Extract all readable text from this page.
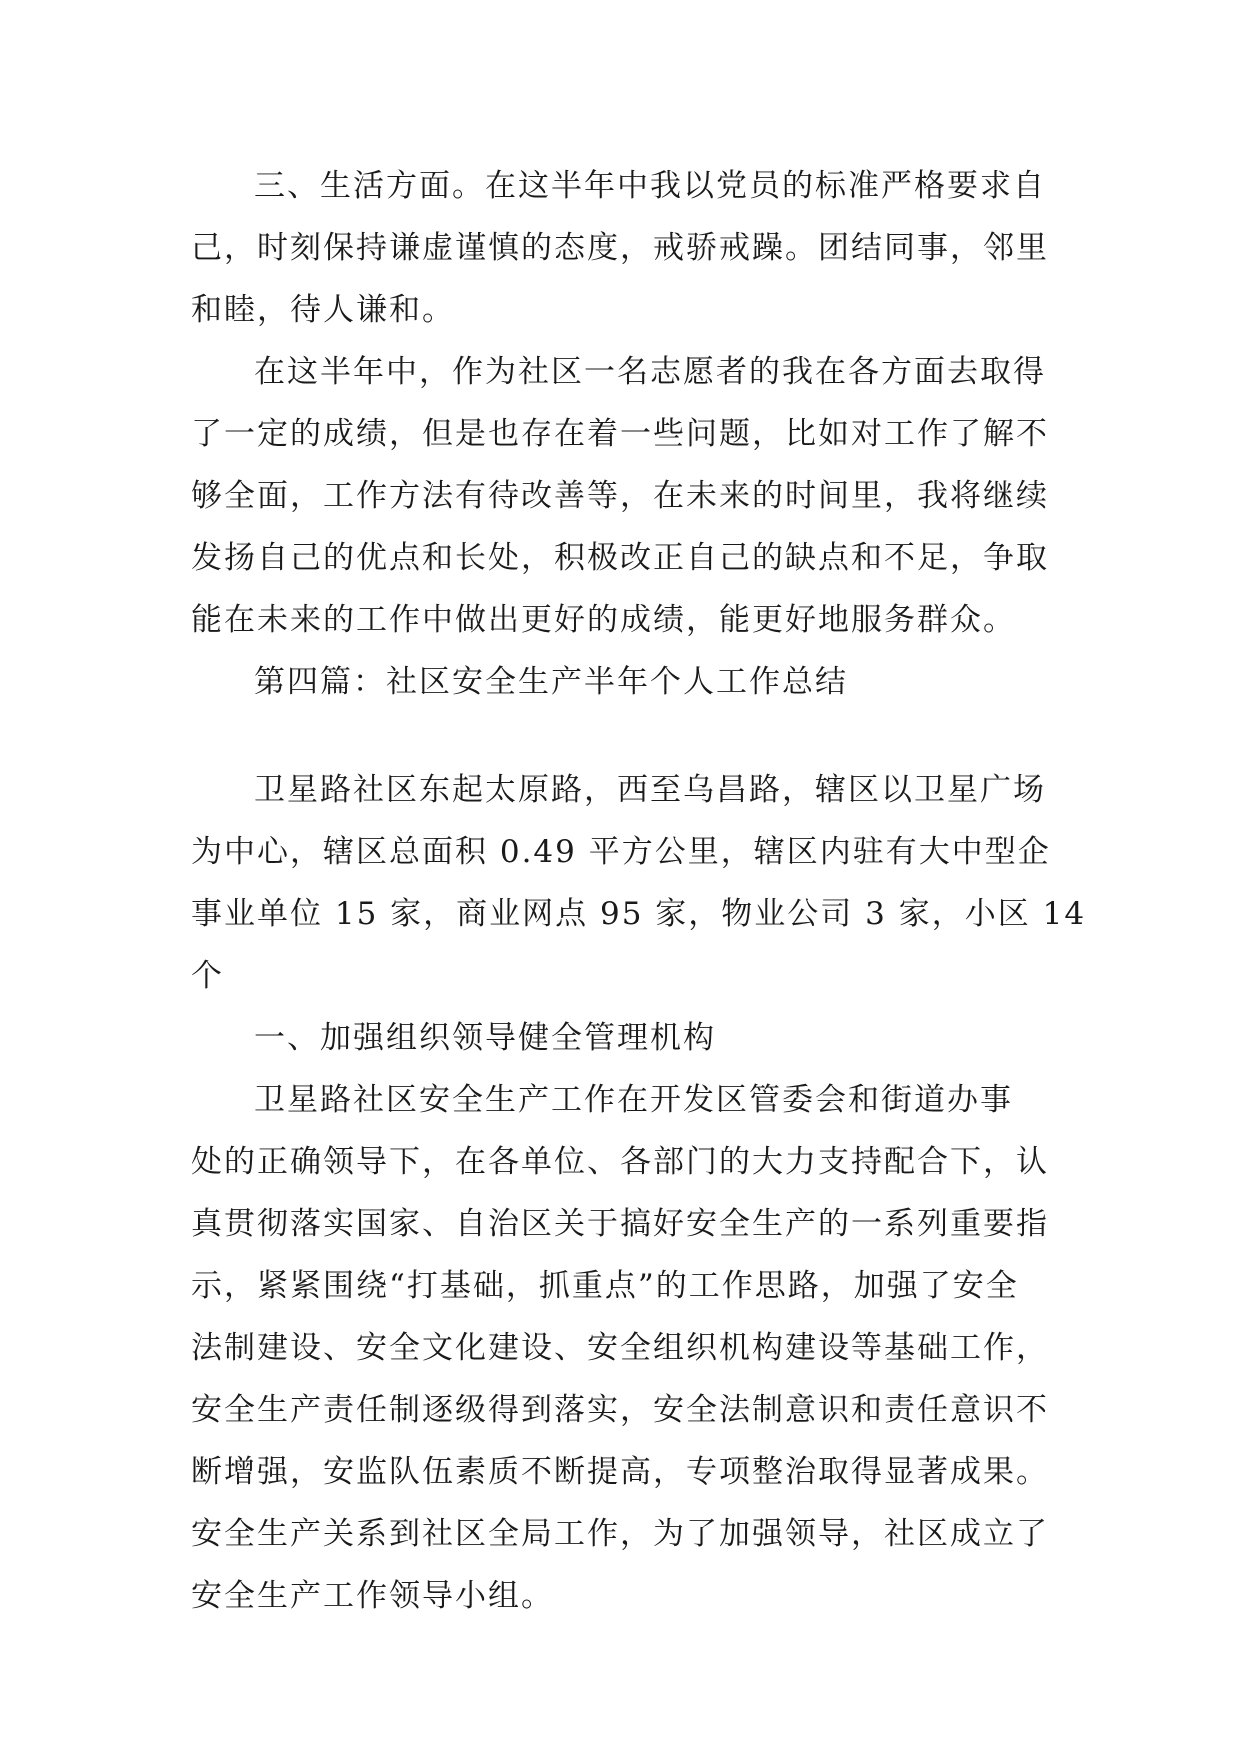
三、生活方面。在这半年中我以党员的标准严格要求自
己，时刻保持谦虚谨慎的态度，戒骄戒躁。团结同事，邻里
和睦，待人谦和。
在这半年中，作为社区一名志愿者的我在各方面去取得
了一定的成绩，但是也存在着一些问题，比如对工作了解不
够全面，工作方法有待改善等，在未来的时间里，我将继续
发扬自己的优点和长处，积极改正自己的缺点和不足，争取
能在未来的工作中做出更好的成绩，能更好地服务群众。
第四篇：社区安全生产半年个人工作总结
卫星路社区东起太原路，西至乌昌路，辖区以卫星广场
为中心，辖区总面积 0.49 平方公里，辖区内驻有大中型企
事业单位 15 家，商业网点 95 家，物业公司 3 家，小区 14
个
一、加强组织领导健全管理机构
卫星路社区安全生产工作在开发区管委会和街道办事
处的正确领导下，在各单位、各部门的大力支持配合下，认
真贯彻落实国家、自治区关于搞好安全生产的一系列重要指
示，紧紧围绕“打基础，抓重点”的工作思路，加强了安全
法制建设、安全文化建设、安全组织机构建设等基础工作，
安全生产责任制逐级得到落实，安全法制意识和责任意识不
断增强，安监队伍素质不断提高，专项整治取得显著成果。
安全生产关系到社区全局工作，为了加强领导，社区成立了
安全生产工作领导小组。
